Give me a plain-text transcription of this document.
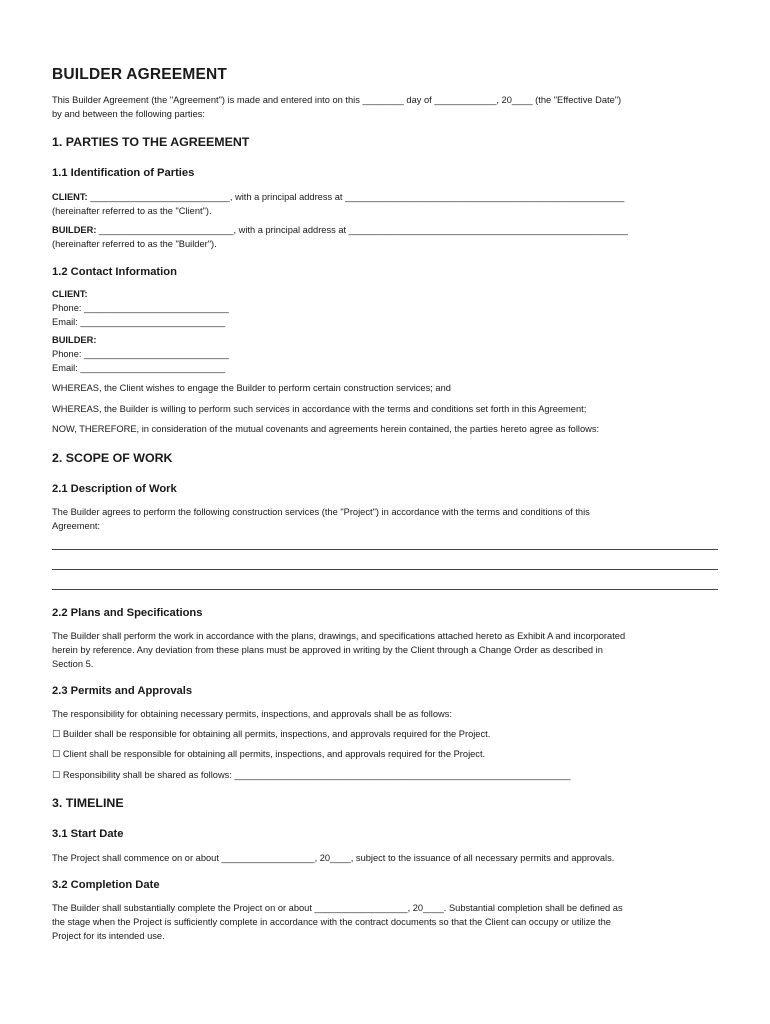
BUILDER AGREEMENT

This Builder Agreement (the "Agreement") is made and entered into on this ________ day of ____________, 20____ (the "Effective Date")

by and between the following parties:

1. PARTIES TO THE AGREEMENT
1.1 Identification of Parties

CLIENT: ___________________________, with a principal address at ______________________________________________________

(hereinafter referred to as the "Client").

BUILDER: __________________________, with a principal address at ______________________________________________________

(hereinafter referred to as the "Builder").

1.2 Contact Information

CLIENT:

Phone: ____________________________

Email: ____________________________

BUILDER:

Phone: ____________________________

Email: ____________________________

WHEREAS, the Client wishes to engage the Builder to perform certain construction services; and

WHEREAS, the Builder is willing to perform such services in accordance with the terms and conditions set forth in this Agreement;

NOW, THEREFORE, in consideration of the mutual covenants and agreements herein contained, the parties hereto agree as follows:

2. SCOPE OF WORK
2.1 Description of Work

The Builder agrees to perform the following construction services (the "Project") in accordance with the terms and conditions of this

Agreement:

2.2 Plans and Specifications

The Builder shall perform the work in accordance with the plans, drawings, and specifications attached hereto as Exhibit A and incorporated

herein by reference. Any deviation from these plans must be approved in writing by the Client through a Change Order as described in

Section 5.

2.3 Permits and Approvals

The responsibility for obtaining necessary permits, inspections, and approvals shall be as follows:

☐ Builder shall be responsible for obtaining all permits, inspections, and approvals required for the Project.

☐ Client shall be responsible for obtaining all permits, inspections, and approvals required for the Project.

☐ Responsibility shall be shared as follows: _________________________________________________________________

3. TIMELINE
3.1 Start Date

The Project shall commence on or about __________________, 20____, subject to the issuance of all necessary permits and approvals.

3.2 Completion Date

The Builder shall substantially complete the Project on or about __________________, 20____. Substantial completion shall be defined as

the stage when the Project is sufficiently complete in accordance with the contract documents so that the Client can occupy or utilize the

Project for its intended use.
